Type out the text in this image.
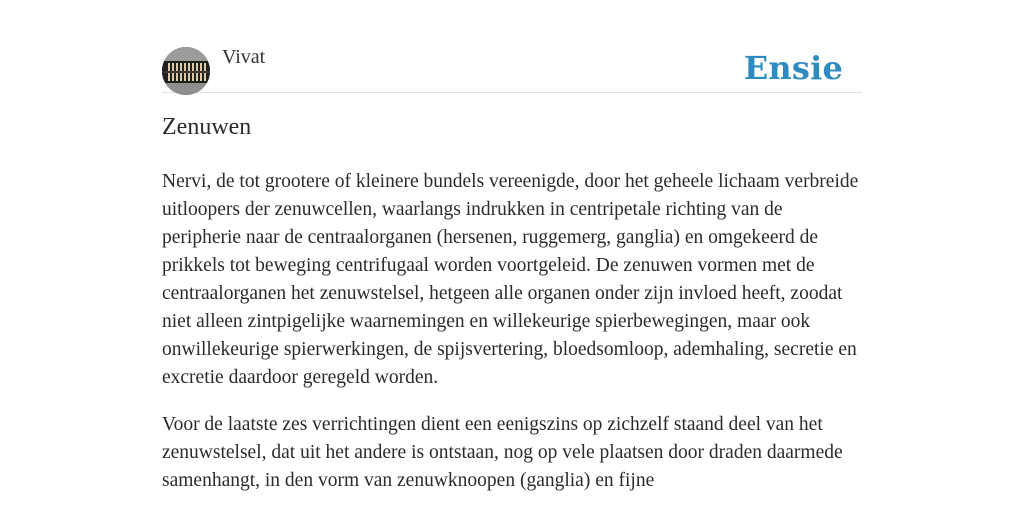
Vivat	Ensie
Zenuwen

Nervi, de tot grootere of kleinere bundels vereenigde, door het geheele lichaam verbreide uitloopers der zenuwcellen, waarlangs indrukken in centripetale richting van de peripherie naar de centraalorganen (hersenen, ruggemerg, ganglia) en omgekeerd de prikkels tot beweging centrifugaal worden voortgeleid. De zenuwen vormen met de centraalorganen het zenuwstelsel, hetgeen alle organen onder zijn invloed heeft, zoodat niet alleen zintpigelijke waarnemingen en willekeurige spierbewegingen, maar ook onwillekeurige spierwerkingen, de spijsvertering, bloedsomloop, ademhaling, secretie en excretie daardoor geregeld worden.

Voor de laatste zes verrichtingen dient een eenigszins op zichzelf staand deel van het zenuwstelsel, dat uit het andere is ontstaan, nog op vele plaatsen door draden daarmede samenhangt, in den vorm van zenuwknoopen (ganglia) en fijne
